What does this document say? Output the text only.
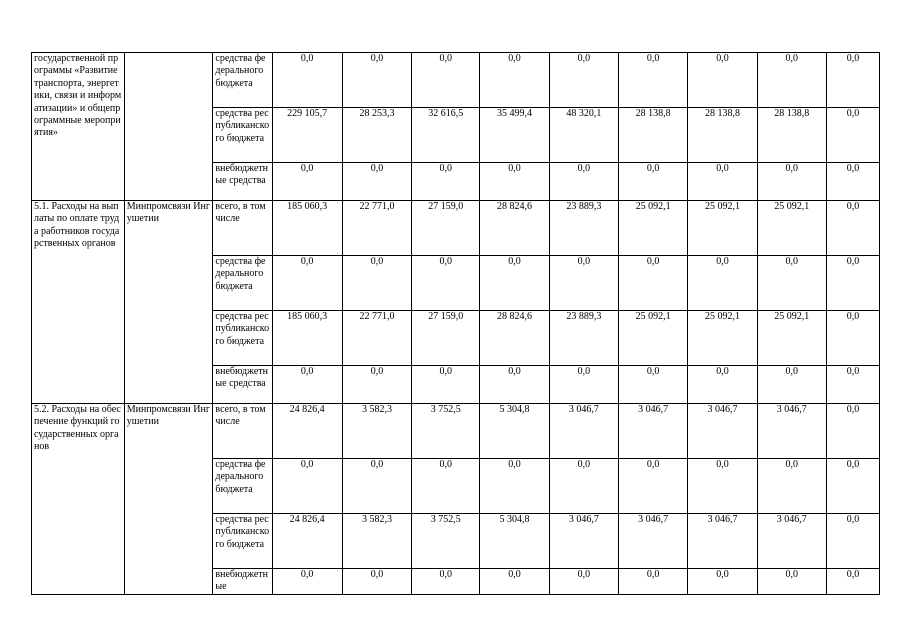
государственной программы «Развитие транспорта, энергетики, связи и информатизации» и общепрограммные мероприятия»		средства федерального бюджета	0,0	0,0	0,0	0,0	0,0	0,0	0,0	0,0	0,0
		средства республиканского бюджета	229 105,7	28 253,3	32 616,5	35 499,4	48 320,1	28 138,8	28 138,8	28 138,8	0,0
		внебюджетные средства	0,0	0,0	0,0	0,0	0,0	0,0	0,0	0,0	0,0
5.1. Расходы на выплаты по оплате труда работников государственных органов	Минпромсвязи Ингушетии	всего, в том числе	185 060,3	22 771,0	27 159,0	28 824,6	23 889,3	25 092,1	25 092,1	25 092,1	0,0
		средства федерального бюджета	0,0	0,0	0,0	0,0	0,0	0,0	0,0	0,0	0,0
		средства республиканского бюджета	185 060,3	22 771,0	27 159,0	28 824,6	23 889,3	25 092,1	25 092,1	25 092,1	0,0
		внебюджетные средства	0,0	0,0	0,0	0,0	0,0	0,0	0,0	0,0	0,0
5.2. Расходы на обеспечение функций государственных органов	Минпромсвязи Ингушетии	всего, в том числе	24 826,4	3 582,3	3 752,5	5 304,8	3 046,7	3 046,7	3 046,7	3 046,7	0,0
		средства федерального бюджета	0,0	0,0	0,0	0,0	0,0	0,0	0,0	0,0	0,0
		средства республиканского бюджета	24 826,4	3 582,3	3 752,5	5 304,8	3 046,7	3 046,7	3 046,7	3 046,7	0,0
		внебюджетные	0,0	0,0	0,0	0,0	0,0	0,0	0,0	0,0	0,0
